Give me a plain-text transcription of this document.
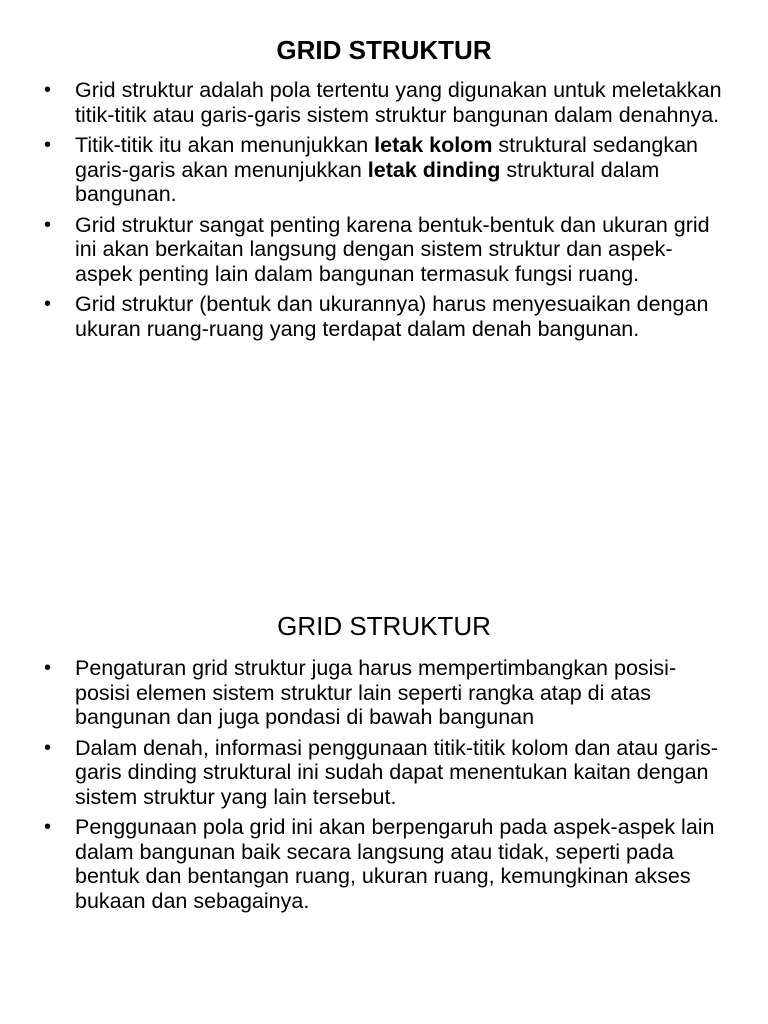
GRID STRUKTUR
• Grid struktur adalah pola tertentu yang digunakan untuk meletakkan titik-titik atau garis-garis sistem struktur bangunan dalam denahnya.
• Titik-titik itu akan menunjukkan letak kolom struktural sedangkan garis-garis akan menunjukkan letak dinding struktural dalam bangunan.
• Grid struktur sangat penting karena bentuk-bentuk dan ukuran grid ini akan berkaitan langsung dengan sistem struktur dan aspek-aspek penting lain dalam bangunan termasuk fungsi ruang.
• Grid struktur (bentuk dan ukurannya) harus menyesuaikan dengan ukuran ruang-ruang yang terdapat dalam denah bangunan.
GRID STRUKTUR
• Pengaturan grid struktur juga harus mempertimbangkan posisi-posisi elemen sistem struktur lain seperti rangka atap di atas bangunan dan juga pondasi di bawah bangunan
• Dalam denah, informasi penggunaan titik-titik kolom dan atau garis-garis dinding struktural ini sudah dapat menentukan kaitan dengan sistem struktur yang lain tersebut.
• Penggunaan pola grid ini akan berpengaruh pada aspek-aspek lain dalam bangunan baik secara langsung atau tidak, seperti pada bentuk dan bentangan ruang, ukuran ruang, kemungkinan akses bukaan dan sebagainya.
